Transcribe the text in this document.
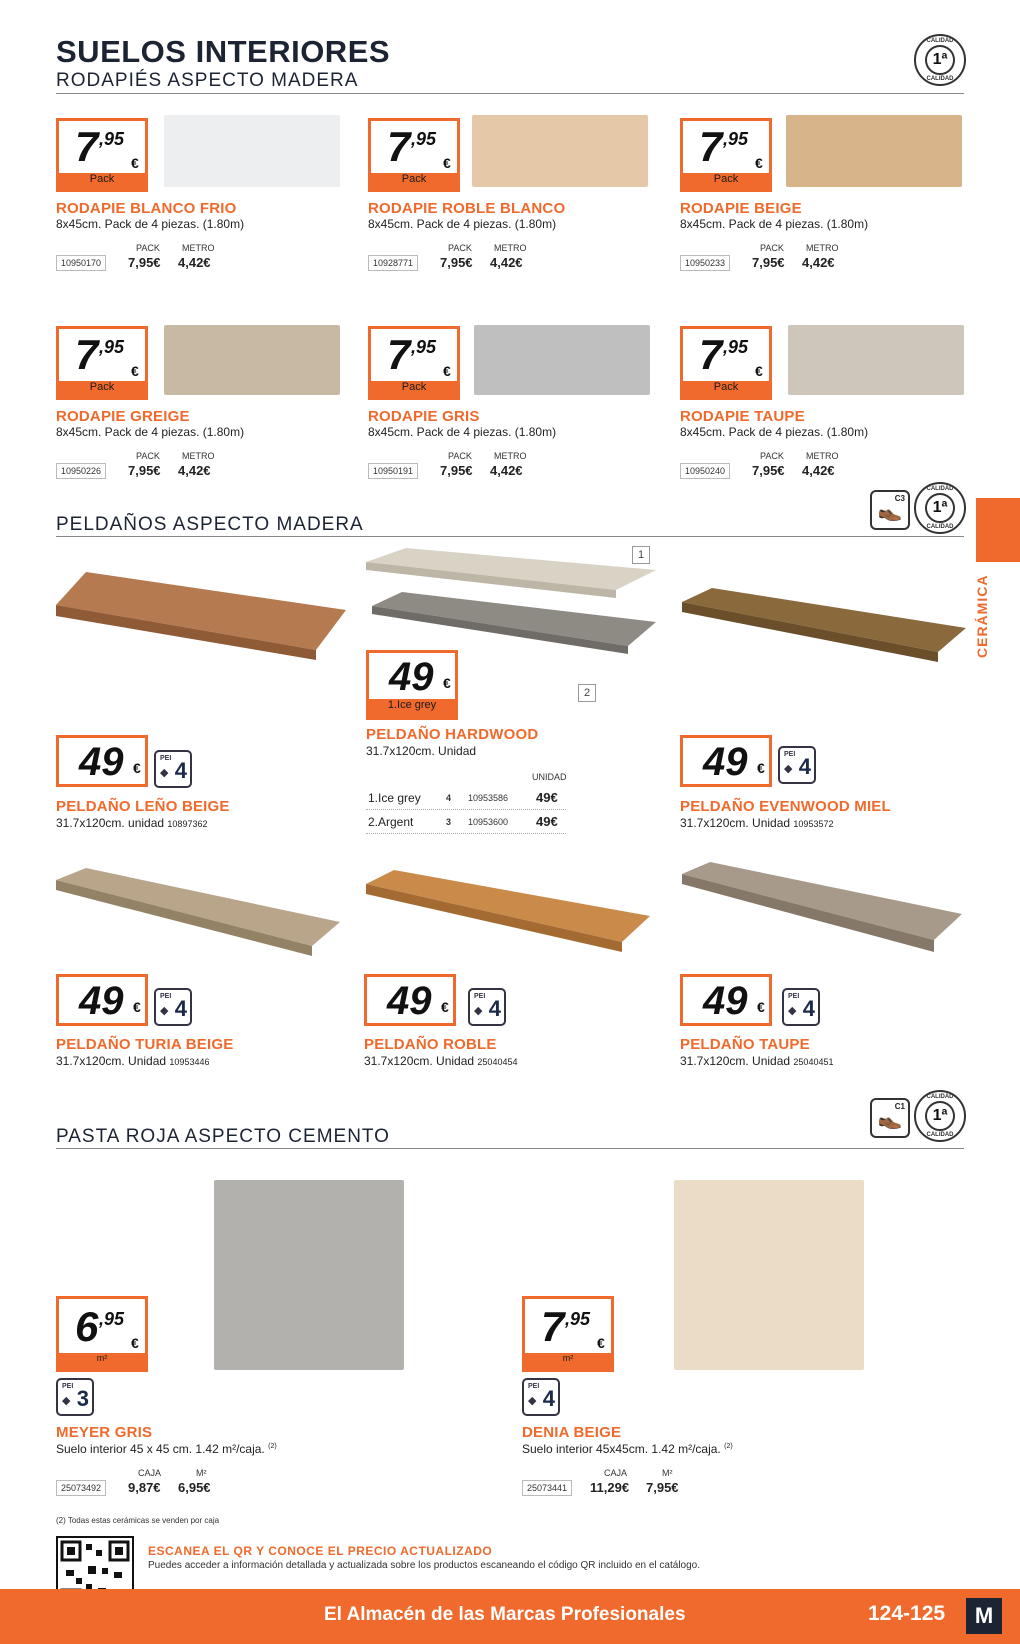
SUELOS INTERIORES
RODAPIÉS ASPECTO MADERA
CALIDAD
1ª
CALIDAD
7 ,95
€
Pack
RODAPIE BLANCO FRIO
8x45cm. Pack de 4 piezas. (1.80m)
PACK METRO
10950170	7,95€ 4,42€
7 ,95
€
Pack
RODAPIE ROBLE BLANCO
8x45cm. Pack de 4 piezas. (1.80m)
PACK METRO
10928771	7,95€ 4,42€
7 ,95
€
Pack
RODAPIE BEIGE
8x45cm. Pack de 4 piezas. (1.80m)
PACK METRO
10950233	7,95€ 4,42€
7 ,95
€
Pack
RODAPIE GREIGE
8x45cm. Pack de 4 piezas. (1.80m)
PACK METRO
10950226	7,95€ 4,42€
7 ,95
€
Pack
RODAPIE GRIS
8x45cm. Pack de 4 piezas. (1.80m)
PACK METRO
10950191	7,95€ 4,42€
7 ,95
€
Pack
RODAPIE TAUPE
8x45cm. Pack de 4 piezas. (1.80m)
PACK METRO
10950240	7,95€ 4,42€
C3
👞
CALIDAD
1ª
CALIDAD
PELDAÑOS ASPECTO MADERA
CERÁMICA
49 €
PEI
◆ 4
PELDAÑO LEÑO BEIGE
31.7x120cm. unidad 10897362
1
2
49 €
1.Ice grey
PELDAÑO HARDWOOD
31.7x120cm. Unidad
UNIDAD
1.Ice grey	4 10953586 49€
2.Argent	3 10953600 49€
49 €
PEI
◆ 4
PELDAÑO EVENWOOD MIEL
31.7x120cm. Unidad 10953572
49 €
PEI
◆ 4
PELDAÑO TURIA BEIGE
31.7x120cm. Unidad 10953446
49 €
PEI
◆ 4
PELDAÑO ROBLE
31.7x120cm. Unidad 25040454
49 €
PEI
◆ 4
PELDAÑO TAUPE
31.7x120cm. Unidad 25040451
C1
👞
CALIDAD
1ª
CALIDAD
PASTA ROJA ASPECTO CEMENTO
6 ,95
€
m²
PEI
◆ 3
MEYER GRIS
Suelo interior 45 x 45 cm. 1.42 m²/caja. $^{(2)}$
CAJA	M²
25073492	9,87€ 6,95€
7 ,95
€
m²
PEI
◆ 4
DENIA BEIGE
Suelo interior 45x45cm. 1.42 m²/caja. $^{(2)}$
CAJA	M²
25073441	11,29€ 7,95€
(2) Todas estas cerámicas se venden por caja
ESCANEA EL QR Y CONOCE EL PRECIO ACTUALIZADO
Puedes acceder a información detallada y actualizada sobre los productos escaneando el código QR incluido en el catálogo.
El Almacén de las Marcas Profesionales	124-125	M
